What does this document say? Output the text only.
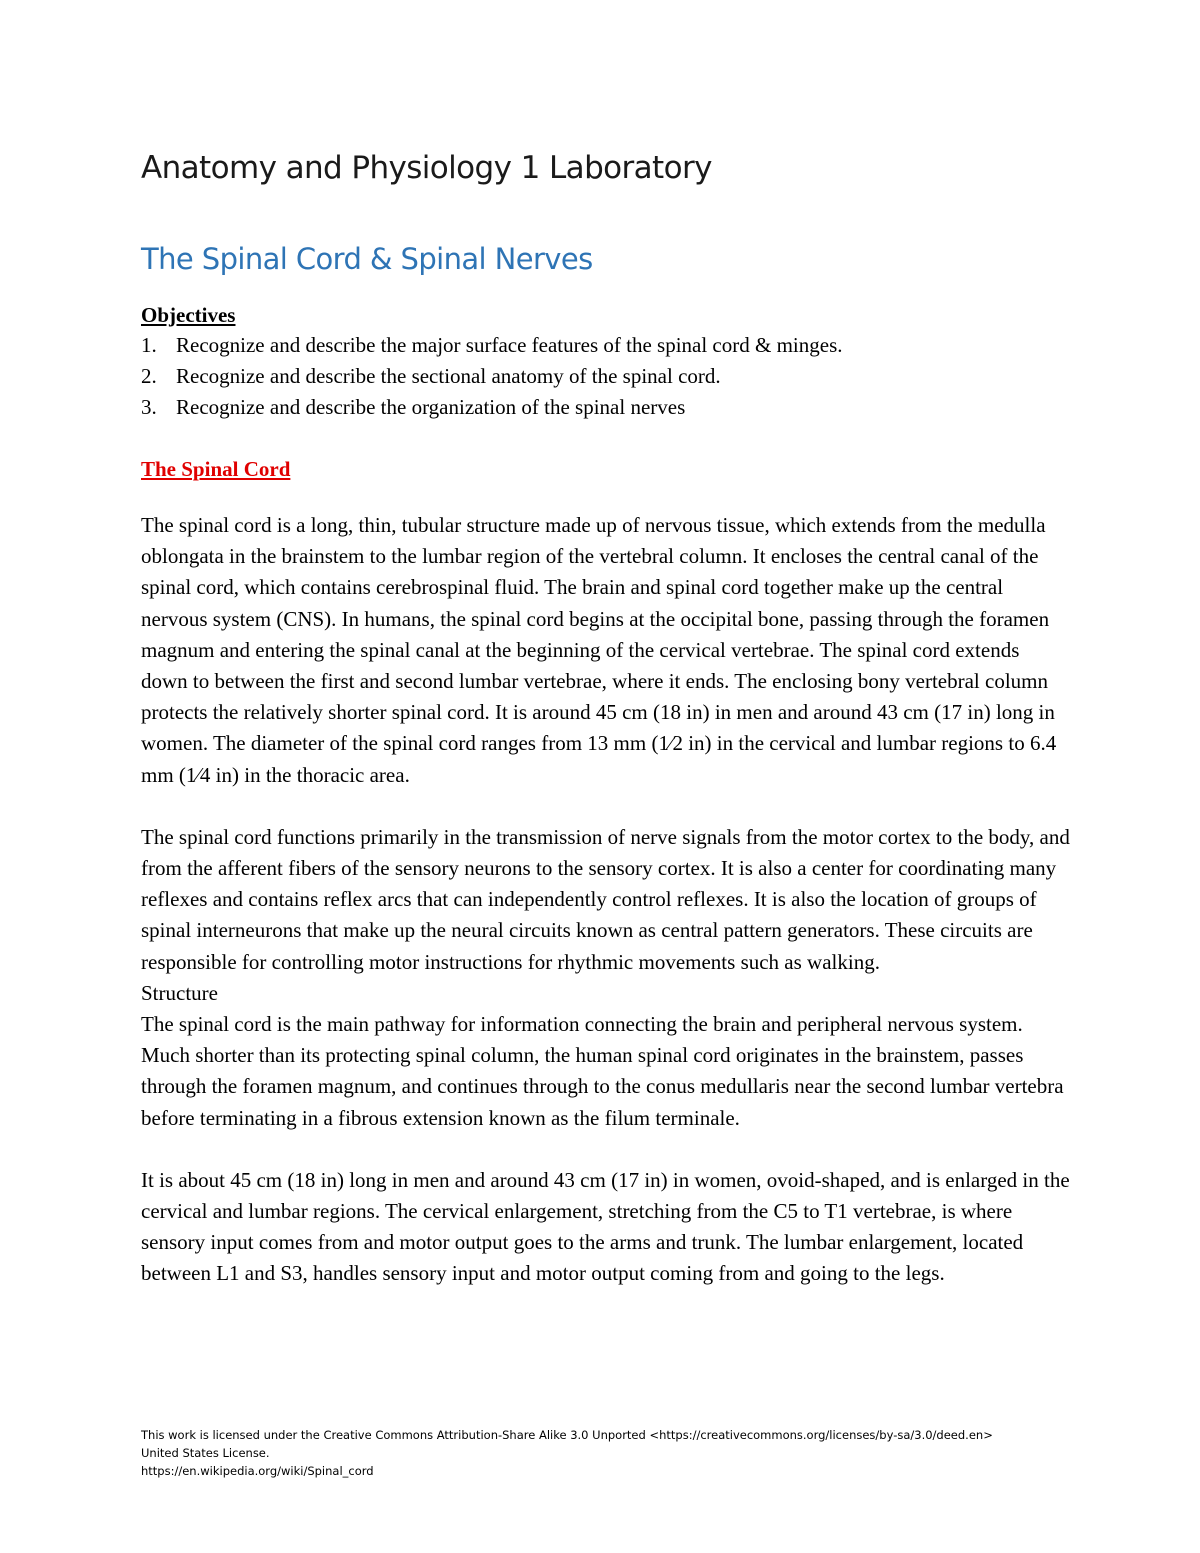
Anatomy and Physiology 1 Laboratory
The Spinal Cord & Spinal Nerves
Objectives
1. Recognize and describe the major surface features of the spinal cord & minges.
2. Recognize and describe the sectional anatomy of the spinal cord.
3. Recognize and describe the organization of the spinal nerves
The Spinal Cord

The spinal cord is a long, thin, tubular structure made up of nervous tissue, which extends from the medulla oblongata in the brainstem to the lumbar region of the vertebral column. It encloses the central canal of the spinal cord, which contains cerebrospinal fluid. The brain and spinal cord together make up the central nervous system (CNS). In humans, the spinal cord begins at the occipital bone, passing through the foramen magnum and entering the spinal canal at the beginning of the cervical vertebrae. The spinal cord extends down to between the first and second lumbar vertebrae, where it ends. The enclosing bony vertebral column protects the relatively shorter spinal cord. It is around 45 cm (18 in) in men and around 43 cm (17 in) long in women. The diameter of the spinal cord ranges from 13 mm (1⁄2 in) in the cervical and lumbar regions to 6.4 mm (1⁄4 in) in the thoracic area.

The spinal cord functions primarily in the transmission of nerve signals from the motor cortex to the body, and from the afferent fibers of the sensory neurons to the sensory cortex. It is also a center for coordinating many reflexes and contains reflex arcs that can independently control reflexes. It is also the location of groups of spinal interneurons that make up the neural circuits known as central pattern generators. These circuits are responsible for controlling motor instructions for rhythmic movements such as walking.

Structure

The spinal cord is the main pathway for information connecting the brain and peripheral nervous system. Much shorter than its protecting spinal column, the human spinal cord originates in the brainstem, passes through the foramen magnum, and continues through to the conus medullaris near the second lumbar vertebra before terminating in a fibrous extension known as the filum terminale.

It is about 45 cm (18 in) long in men and around 43 cm (17 in) in women, ovoid-shaped, and is enlarged in the cervical and lumbar regions. The cervical enlargement, stretching from the C5 to T1 vertebrae, is where sensory input comes from and motor output goes to the arms and trunk. The lumbar enlargement, located between L1 and S3, handles sensory input and motor output coming from and going to the legs.

This work is licensed under the Creative Commons Attribution-Share Alike 3.0 Unported <https://creativecommons.org/licenses/by-sa/3.0/deed.en> United States License.

https://en.wikipedia.org/wiki/Spinal_cord
